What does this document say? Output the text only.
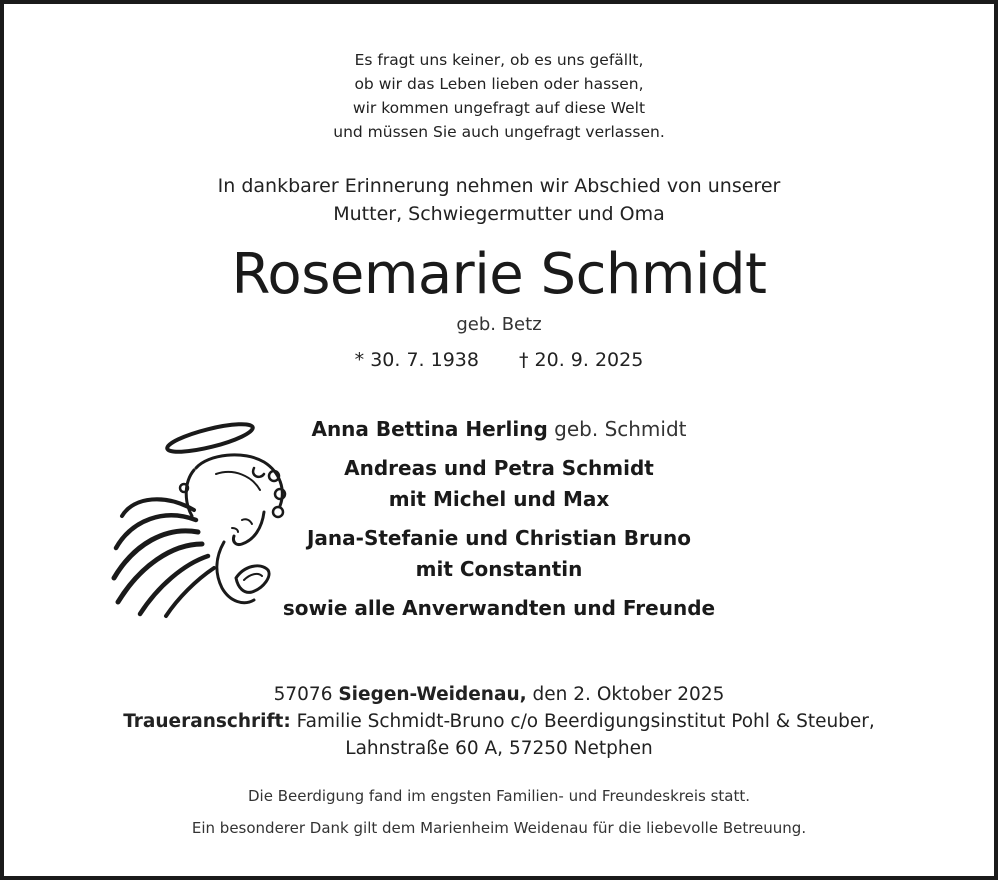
Es fragt uns keiner, ob es uns gefällt,
ob wir das Leben lieben oder hassen,
wir kommen ungefragt auf diese Welt
und müssen Sie auch ungefragt verlassen.
In dankbarer Erinnerung nehmen wir Abschied von unserer
Mutter, Schwiegermutter und Oma
Rosemarie Schmidt
geb. Betz
* 30. 7. 1938 † 20. 9. 2025
Anna Bettina Herling geb. Schmidt
Andreas und Petra Schmidt
mit Michel und Max
Jana-Stefanie und Christian Bruno
mit Constantin
sowie alle Anverwandten und Freunde
57076 Siegen-Weidenau, den 2. Oktober 2025
Traueranschrift: Familie Schmidt-Bruno c/o Beerdigungsinstitut Pohl & Steuber,
Lahnstraße 60 A, 57250 Netphen
Die Beerdigung fand im engsten Familien- und Freundeskreis statt.
Ein besonderer Dank gilt dem Marienheim Weidenau für die liebevolle Betreuung.
